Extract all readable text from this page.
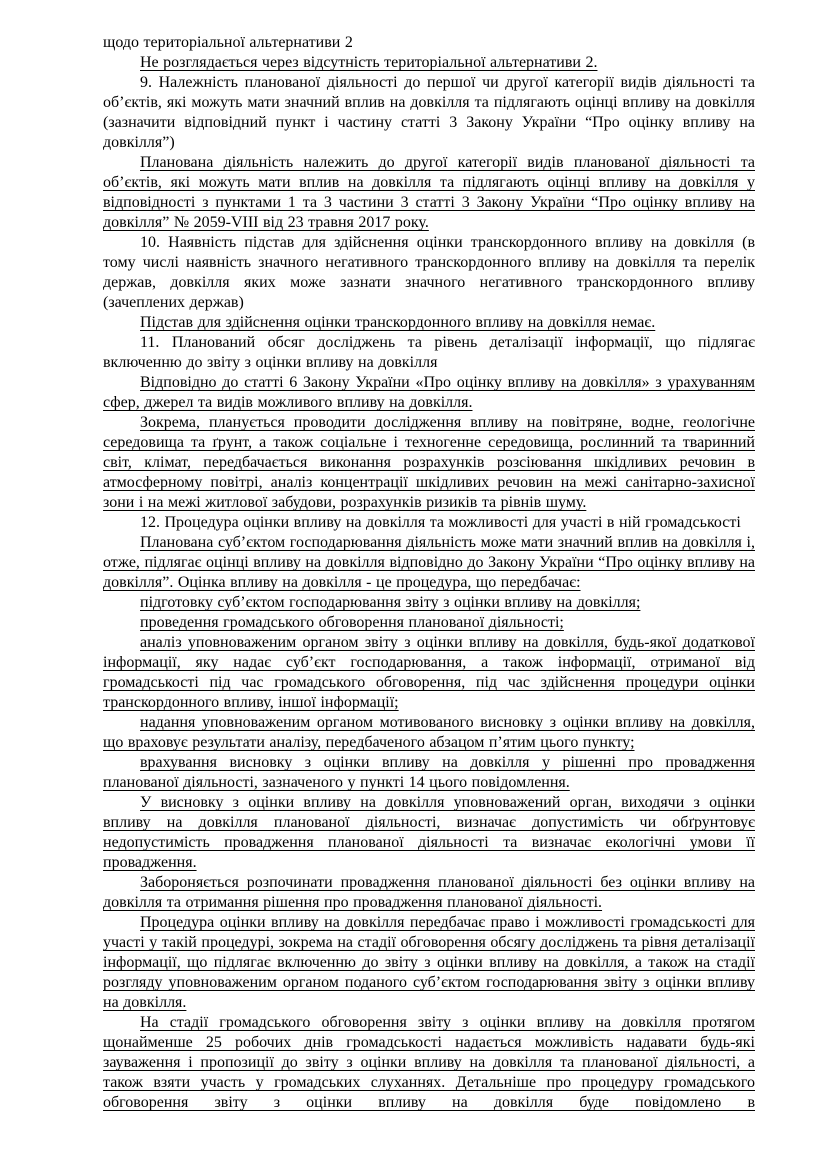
щодо територіальної альтернативи 2

Не розглядається через відсутність територіальної альтернативи 2.

9. Належність планованої діяльності до першої чи другої категорії видів діяльності та об’єктів, які можуть мати значний вплив на довкілля та підлягають оцінці впливу на довкілля (зазначити відповідний пункт і частину статті 3 Закону України “Про оцінку впливу на довкілля”)

Планована діяльність належить до другої категорії видів планованої діяльності та об’єктів, які можуть мати вплив на довкілля та підлягають оцінці впливу на довкілля у відповідності з пунктами 1 та 3 частини 3 статті 3 Закону України “Про оцінку впливу на довкілля” № 2059-VIII від 23 травня 2017 року.

10. Наявність підстав для здійснення оцінки транскордонного впливу на довкілля (в тому числі наявність значного негативного транскордонного впливу на довкілля та перелік держав, довкілля яких може зазнати значного негативного транскордонного впливу (зачеплених держав)

Підстав для здійснення оцінки транскордонного впливу на довкілля немає.

11. Планований обсяг досліджень та рівень деталізації інформації, що підлягає включенню до звіту з оцінки впливу на довкілля

Відповідно до статті 6 Закону України «Про оцінку впливу на довкілля» з урахуванням сфер, джерел та видів можливого впливу на довкілля.

Зокрема, планується проводити дослідження впливу на повітряне, водне, геологічне середовища та ґрунт, а також соціальне і техногенне середовища, рослинний та тваринний світ, клімат, передбачається виконання розрахунків розсіювання шкідливих речовин в атмосферному повітрі, аналіз концентрації шкідливих речовин на межі санітарно-захисної зони і на межі житлової забудови, розрахунків ризиків та рівнів шуму.

12. Процедура оцінки впливу на довкілля та можливості для участі в ній громадськості

Планована суб’єктом господарювання діяльність може мати значний вплив на довкілля і, отже, підлягає оцінці впливу на довкілля відповідно до Закону України “Про оцінку впливу на довкілля”. Оцінка впливу на довкілля - це процедура, що передбачає:

підготовку суб’єктом господарювання звіту з оцінки впливу на довкілля;

проведення громадського обговорення планованої діяльності;

аналіз уповноваженим органом звіту з оцінки впливу на довкілля, будь-якої додаткової інформації, яку надає суб’єкт господарювання, а також інформації, отриманої від громадськості під час громадського обговорення, під час здійснення процедури оцінки транскордонного впливу, іншої інформації;

надання уповноваженим органом мотивованого висновку з оцінки впливу на довкілля, що враховує результати аналізу, передбаченого абзацом п’ятим цього пункту;

врахування висновку з оцінки впливу на довкілля у рішенні про провадження планованої діяльності, зазначеного у пункті 14 цього повідомлення.

У висновку з оцінки впливу на довкілля уповноважений орган, виходячи з оцінки впливу на довкілля планованої діяльності, визначає допустимість чи обґрунтовує недопустимість провадження планованої діяльності та визначає екологічні умови її провадження.

Забороняється розпочинати провадження планованої діяльності без оцінки впливу на довкілля та отримання рішення про провадження планованої діяльності.

Процедура оцінки впливу на довкілля передбачає право і можливості громадськості для участі у такій процедурі, зокрема на стадії обговорення обсягу досліджень та рівня деталізації інформації, що підлягає включенню до звіту з оцінки впливу на довкілля, а також на стадії розгляду уповноваженим органом поданого суб’єктом господарювання звіту з оцінки впливу на довкілля.

На стадії громадського обговорення звіту з оцінки впливу на довкілля протягом щонайменше 25 робочих днів громадськості надається можливість надавати будь-які зауваження і пропозиції до звіту з оцінки впливу на довкілля та планованої діяльності, а також взяти участь у громадських слуханнях. Детальніше про процедуру громадського обговорення звіту з оцінки впливу на довкілля буде повідомлено в
